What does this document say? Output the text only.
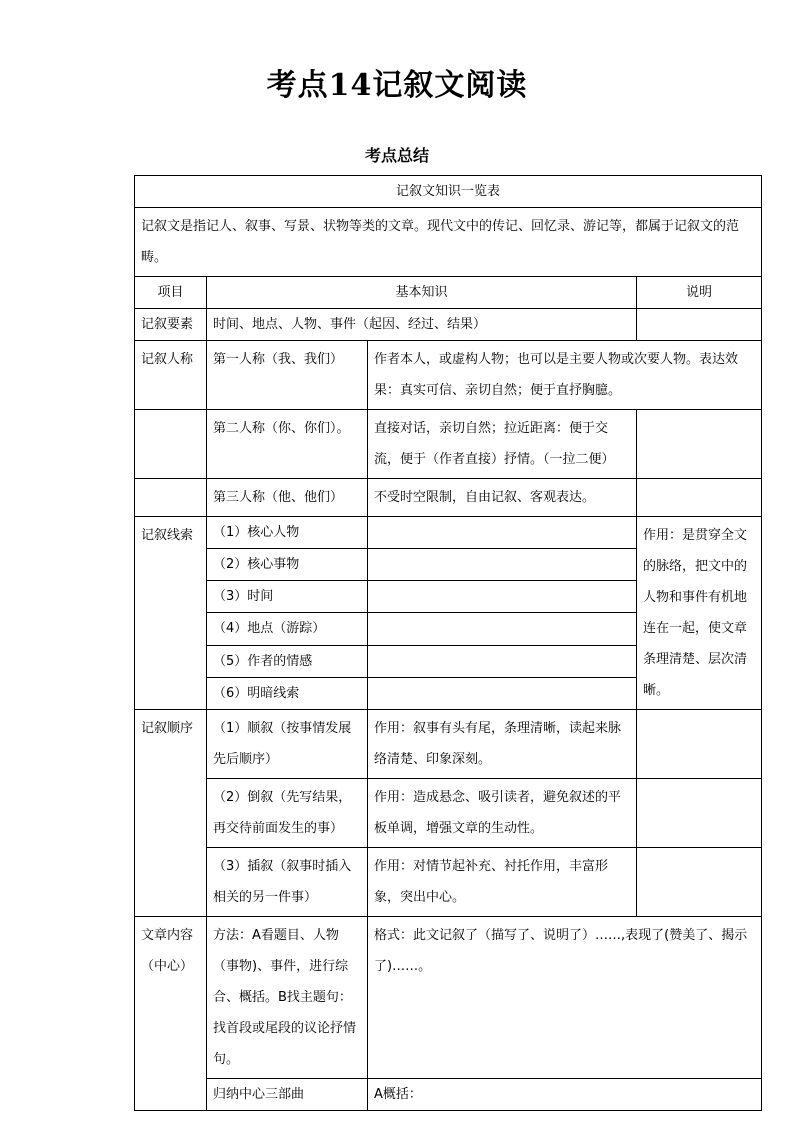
考点14记叙文阅读
考点总结
记叙文知识一览表			
记叙文是指记人、叙事、写景、状物等类的文章。现代文中的传记、回忆录、游记等，都属于记叙文的范畴。			
项目	基本知识		说明
记叙要素	时间、地点、人物、事件（起因、经过、结果）		
记叙人称	第一人称（我、我们）	作者本人，或虚构人物；也可以是主要人物或次要人物。表达效果：真实可信、亲切自然；便于直抒胸臆。	
	第二人称（你、你们）。	直接对话，亲切自然；拉近距离：便于交流，便于（作者直接）抒情。（一拉二便）	
	第三人称（他、他们）	不受时空限制，自由记叙、客观表达。	
记叙线索	（1）核心人物		作用：是贯穿全文的脉络，把文中的人物和事件有机地连在一起，使文章条理清楚、层次清晰。
	（2）核心事物		
	（3）时间		
	（4）地点（游踪）		
	（5）作者的情感		
	（6）明暗线索		
记叙顺序	（1）顺叙（按事情发展先后顺序）	作用：叙事有头有尾，条理清晰，读起来脉络清楚、印象深刻。	
	（2）倒叙（先写结果，再交待前面发生的事）	作用：造成悬念、吸引读者，避免叙述的平板单调，增强文章的生动性。	
	（3）插叙（叙事时插入相关的另一件事）	作用：对情节起补充、衬托作用，丰富形象，突出中心。	
文章内容（中心）	方法：A看题目、人物（事物)、事件，进行综合、概括。B找主题句：找首段或尾段的议论抒情句。	格式：此文记叙了（描写了、说明了）……,表现了(赞美了、揭示了)……。	
	归纳中心三部曲	A概括：	
